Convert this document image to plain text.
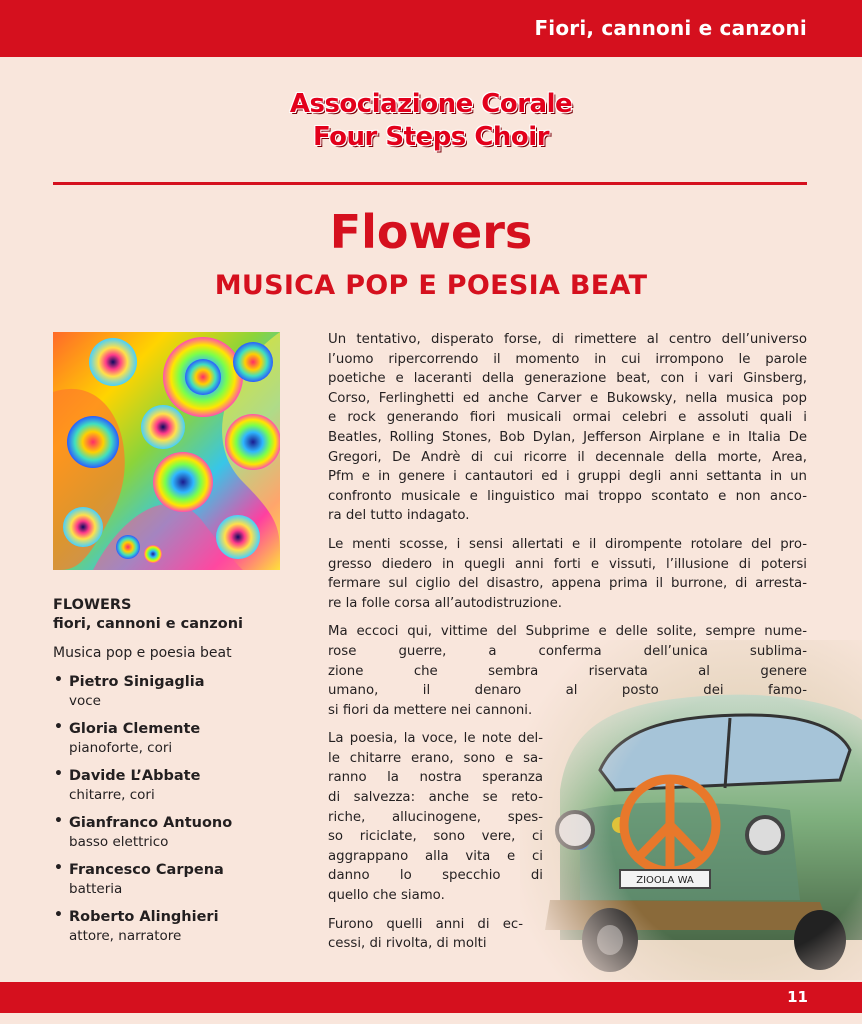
Fiori, cannoni e canzoni
Associazione Corale
Four Steps Choir
Flowers
MUSICA POP E POESIA BEAT
FLOWERS
fiori, cannoni e canzoni
Musica pop e poesia beat
• Pietro Sinigaglia
voce
• Gloria Clemente
pianoforte, cori
• Davide L’Abbate
chitarre, cori
• Gianfranco Antuono
basso elettrico
• Francesco Carpena
batteria
• Roberto Alinghieri
attore, narratore
Un tentativo, disperato forse, di rimettere al centro dell’universo
l’uomo ripercorrendo il momento in cui irrompono le parole
poetiche e laceranti della generazione beat, con i vari Ginsberg,
Corso, Ferlinghetti ed anche Carver e Bukowsky, nella musica pop
e rock generando fiori musicali ormai celebri e assoluti quali i
Beatles, Rolling Stones, Bob Dylan, Jefferson Airplane e in Italia De
Gregori, De Andrè di cui ricorre il decennale della morte, Area,
Pfm e in genere i cantautori ed i gruppi degli anni settanta in un
confronto musicale e linguistico mai troppo scontato e non anco-
ra del tutto indagato.
Le menti scosse, i sensi allertati e il dirompente rotolare del pro-
gresso diedero in quegli anni forti e vissuti, l’illusione di potersi
fermare sul ciglio del disastro, appena prima il burrone, di arresta-
re la folle corsa all’autodistruzione.
Ma eccoci qui, vittime del Subprime e delle solite, sempre nume-
rose guerre, a conferma dell’unica sublima-
zione che sembra riservata al genere
umano, il denaro al posto dei famo-
si fiori da mettere nei cannoni.
La poesia, la voce, le note del-
le chitarre erano, sono e sa-
ranno la nostra speranza
di salvezza: anche se reto-
riche, allucinogene, spes-
so riciclate, sono vere, ci
aggrappano alla vita e ci
danno lo specchio di
quello che siamo.
Furono quelli anni di ec-
cessi, di rivolta, di molti
11
